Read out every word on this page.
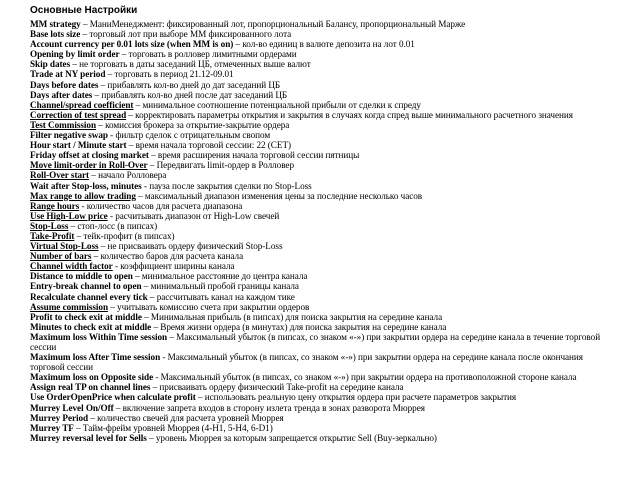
Основные Настройки

MM strategy – МаниМенеджмент: фиксированный лот, пропорциональный Балансу, пропорциональный Марже

Base lots size – торговый лот при выборе MM фиксированного лота

Account currency per 0.01 lots size (when MM is on) – кол-во единиц в валюте депозита на лот 0.01

Opening by limit order – торговать в ролловер лимитными ордерами

Skip dates – не торговать в даты заседаний ЦБ, отмеченных выше валют

Trade at NY period – торговать в период 21.12-09.01

Days before dates – прибавлять кол-во дней до дат заседаний ЦБ

Days after dates – прибавлять кол-во дней после дат заседаний ЦБ

Channel/spread coefficient – минимальное соотношение потенциальной прибыли от сделки к спреду

Correction of test spread – корректировать параметры открытия и закрытия в случаях когда спред выше минимального расчетного значения

Test Commission – комиссия брокера за открытие-закрытие ордера

Filter negative swap - фильтр сделок с отрицательным свопом

Hour start / Minute start – время начала торговой сессии: 22 (CET)

Friday offset at closing market – время расширения начала торговой сессии пятницы

Move limit-order in Roll-Over – Передвигать limit-ордер в Ролловер

Roll-Over start – начало Ролловера

Wait after Stop-loss, minutes - пауза после закрытия сделки по Stop-Loss

Max range to allow trading – максимальный диапазон изменения цены за последние несколько часов

Range hours - количество часов для расчета диапазона

Use High-Low price - расчитывать диапазон от High-Low свечей

Stop-Loss – стоп-лосс (в пипсах)

Take-Profit – тейк-профит (в пипсах)

Virtual Stop-Loss – не присваивать ордеру физический Stop-Loss

Number of bars – количество баров для расчета канала

Channel width factor - коэффициент ширины канала

Distance to middle to open – минимальное расстояние до центра канала

Entry-break channel to open – минимальный пробой границы канала

Recalculate channel every tick – рассчитывать канал на каждом тике

Assume commission – учитывать комиссию счета при закрытии ордеров

Profit to check exit at middle – Минимальная прибыль (в пипсах) для поиска закрытия на середине канала

Minutes to check exit at middle – Время жизни ордера (в минутах) для поиска закрытия на середине канала

Maximum loss Within Time session – Максимальный убыток (в пипсах, со знаком «-») при закрытии ордера на середине канала в течение торговой сессии

Maximum loss After Time session - Максимальный убыток (в пипсах, со знаком «-») при закрытии ордера на середине канала после окончания торговой сессии

Maximum loss on Opposite side - Максимальный убыток (в пипсах, со знаком «-») при закрытии ордера на противоположной стороне канала

Assign real TP on channel lines – присваивать ордеру физический Take-profit на середине канала

Use OrderOpenPrice when calculate profit – использовать реальную цену открытия ордера при расчете параметров закрытия

Murrey Level On/Off – включение запрета входов в сторону излета тренда в зонах разворота Мюррея

Murrey Period – количество свечей для расчета уровней Мюррея

Murrey TF – Тайм-фрейм уровней Мюррея (4-H1, 5-H4, 6-D1)

Murrey reversal level for Sells – уровень Мюррея за которым запрещается открытиє Sell (Buy-зеркально)
